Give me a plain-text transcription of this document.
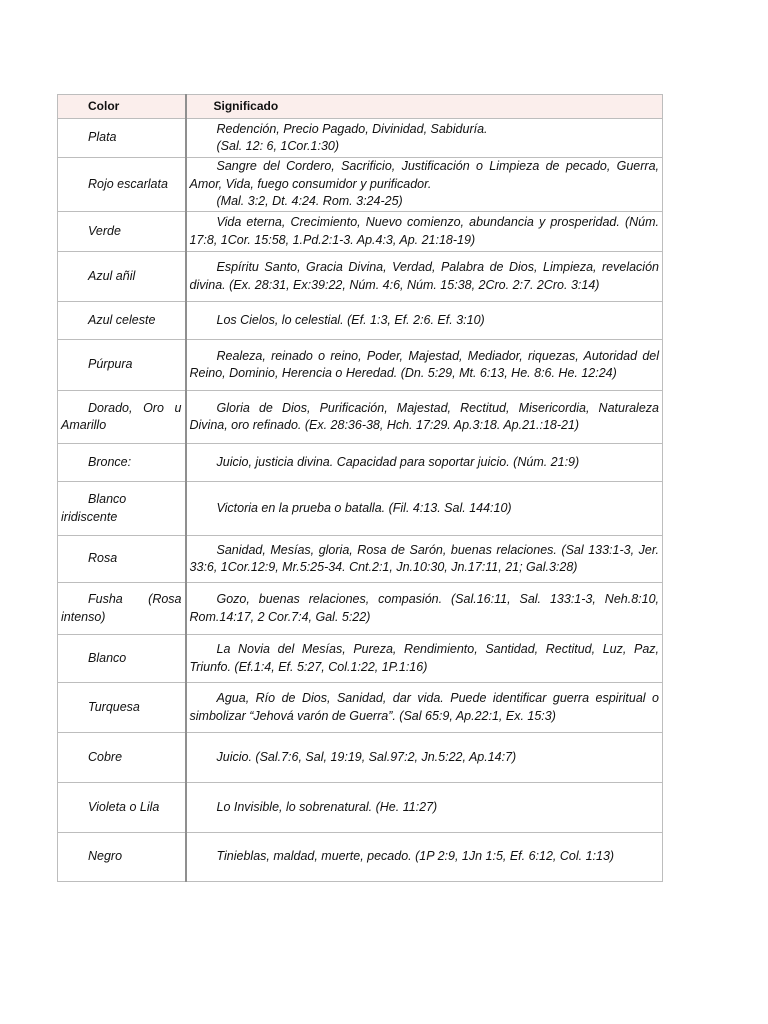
Color	Significado
Plata	Redención, Precio Pagado, Divinidad, Sabiduría.
(Sal. 12: 6, 1Cor.1:30)

Rojo escarlata	Sangre del Cordero, Sacrificio, Justificación o Limpieza de pecado, Guerra, Amor, Vida, fuego consumidor y purificador.
(Mal. 3:2, Dt. 4:24. Rom. 3:24-25)

Verde	Vida eterna, Crecimiento, Nuevo comienzo, abundancia y prosperidad. (Núm. 17:8, 1Cor. 15:58, 1.Pd.2:1-3. Ap.4:3, Ap. 21:18-19)

Azul añil	Espíritu Santo, Gracia Divina, Verdad, Palabra de Dios, Limpieza, revelación divina. (Ex. 28:31, Ex:39:22, Núm. 4:6, Núm. 15:38, 2Cro. 2:7. 2Cro. 3:14)

Azul celeste	Los Cielos, lo celestial. (Ef. 1:3, Ef. 2:6. Ef. 3:10)

Púrpura	Realeza, reinado o reino, Poder, Majestad, Mediador, riquezas, Autoridad del Reino, Dominio, Herencia o Heredad. (Dn. 5:29, Mt. 6:13, He. 8:6. He. 12:24)

Dorado, Oro u Amarillo	Gloria de Dios, Purificación, Majestad, Rectitud, Misericordia, Naturaleza Divina, oro refinado. (Ex. 28:36-38, Hch. 17:29. Ap.3:18. Ap.21.:18-21)

Bronce:	Juicio, justicia divina. Capacidad para soportar juicio. (Núm. 21:9)

Blanco iridiscente	Victoria en la prueba o batalla. (Fil. 4:13. Sal. 144:10)

Rosa	Sanidad, Mesías, gloria, Rosa de Sarón, buenas relaciones. (Sal 133:1-3, Jer. 33:6, 1Cor.12:9, Mr.5:25-34. Cnt.2:1, Jn.10:30, Jn.17:11, 21; Gal.3:28)

Fusha (Rosa intenso)	Gozo, buenas relaciones, compasión. (Sal.16:11, Sal. 133:1-3, Neh.8:10, Rom.14:17, 2 Cor.7:4, Gal. 5:22)

Blanco	La Novia del Mesías, Pureza, Rendimiento, Santidad, Rectitud, Luz, Paz, Triunfo. (Ef.1:4, Ef. 5:27, Col.1:22, 1P.1:16)

Turquesa	Agua, Río de Dios, Sanidad, dar vida. Puede identificar guerra espiritual o simbolizar “Jehová varón de Guerra”. (Sal 65:9, Ap.22:1, Ex. 15:3)

Cobre	Juicio. (Sal.7:6, Sal, 19:19, Sal.97:2, Jn.5:22, Ap.14:7)

Violeta o Lila	Lo Invisible, lo sobrenatural. (He. 11:27)

Negro	Tinieblas, maldad, muerte, pecado. (1P 2:9, 1Jn 1:5, Ef. 6:12, Col. 1:13)
